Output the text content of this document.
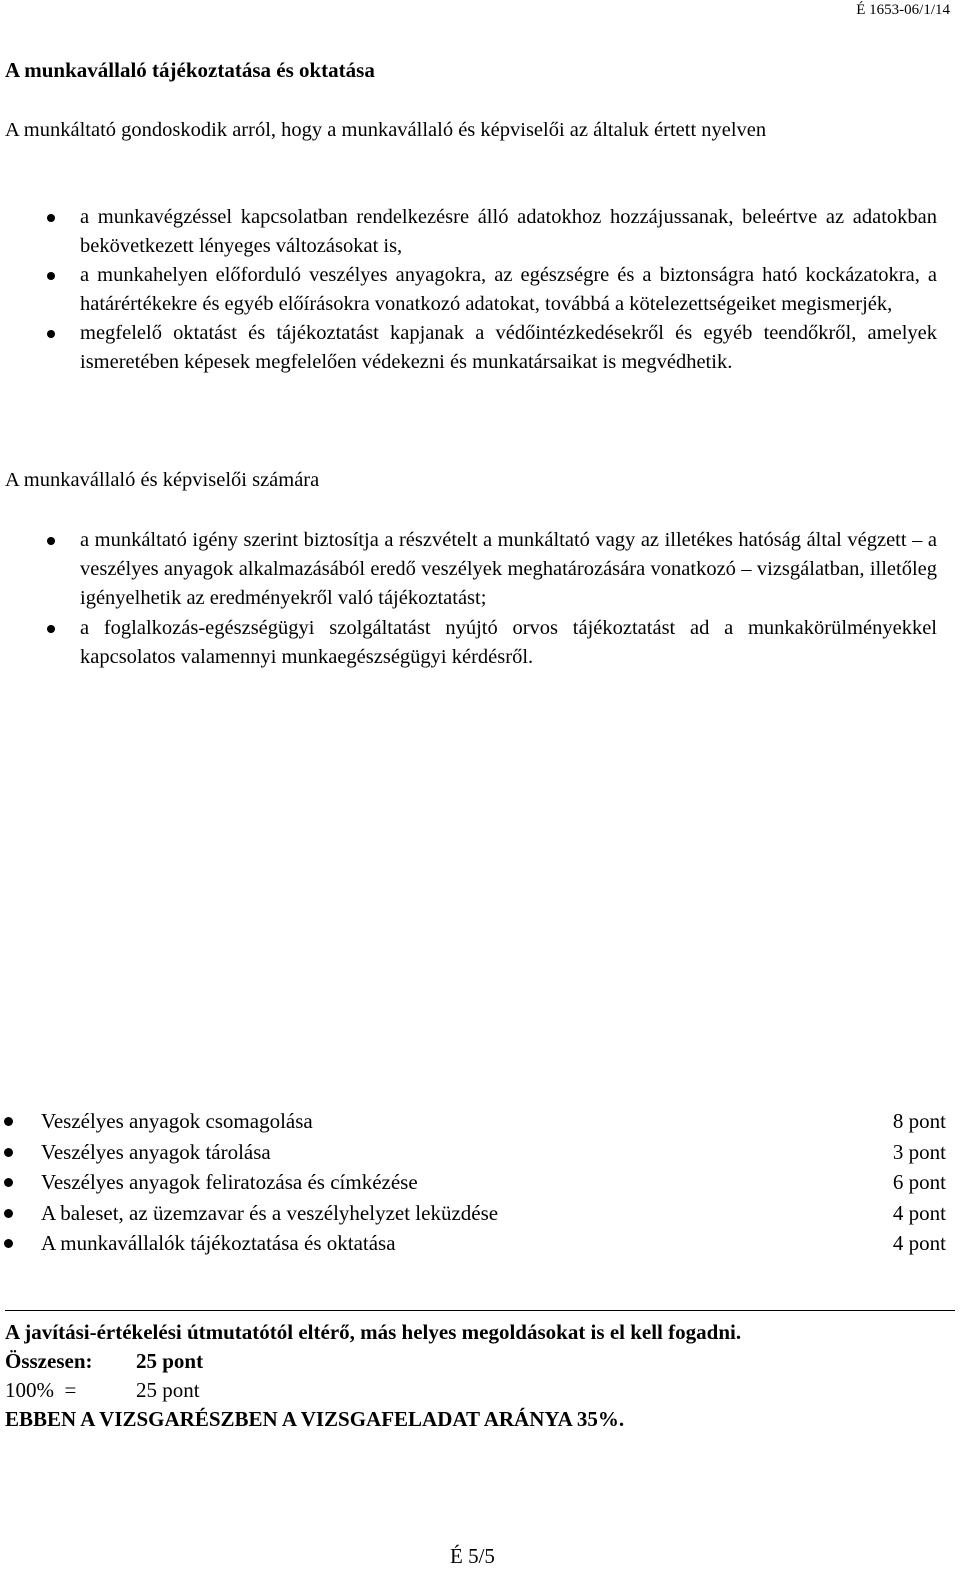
É 1653-06/1/14
A munkavállaló tájékoztatása és oktatása
A munkáltató gondoskodik arról, hogy a munkavállaló és képviselői az általuk értett nyelven
a munkavégzéssel kapcsolatban rendelkezésre álló adatokhoz hozzájussanak, beleértve az adatokban bekövetkezett lényeges változásokat is,
a munkahelyen előforduló veszélyes anyagokra, az egészségre és a biztonságra ható kockázatokra, a határértékekre és egyéb előírásokra vonatkozó adatokat, továbbá a kötelezettségeiket megismerjék,
megfelelő oktatást és tájékoztatást kapjanak a védőintézkedésekről és egyéb teendőkről, amelyek ismeretében képesek megfelelően védekezni és munkatársaikat is megvédhetik.
A munkavállaló és képviselői számára
a munkáltató igény szerint biztosítja a részvételt a munkáltató vagy az illetékes hatóság által végzett – a veszélyes anyagok alkalmazásából eredő veszélyek meghatározására vonatkozó – vizsgálatban, illetőleg igényelhetik az eredményekről való tájékoztatást;
a foglalkozás-egészségügyi szolgáltatást nyújtó orvos tájékoztatást ad a munkakörülményekkel kapcsolatos valamennyi munkaegészségügyi kérdésről.
Veszélyes anyagok csomagolása	8 pont
Veszélyes anyagok tárolása	3 pont
Veszélyes anyagok feliratozása és címkézése	6 pont
A baleset, az üzemzavar és a veszélyhelyzet leküzdése	4 pont
A munkavállalók tájékoztatása és oktatása	4 pont
A javítási-értékelési útmutatótól eltérő, más helyes megoldásokat is el kell fogadni.
Összesen:	25 pont
100%  =	25 pont
EBBEN A VIZSGARÉSZBEN A VIZSGAFELADAT ARÁNYA 35%.
É 5/5
